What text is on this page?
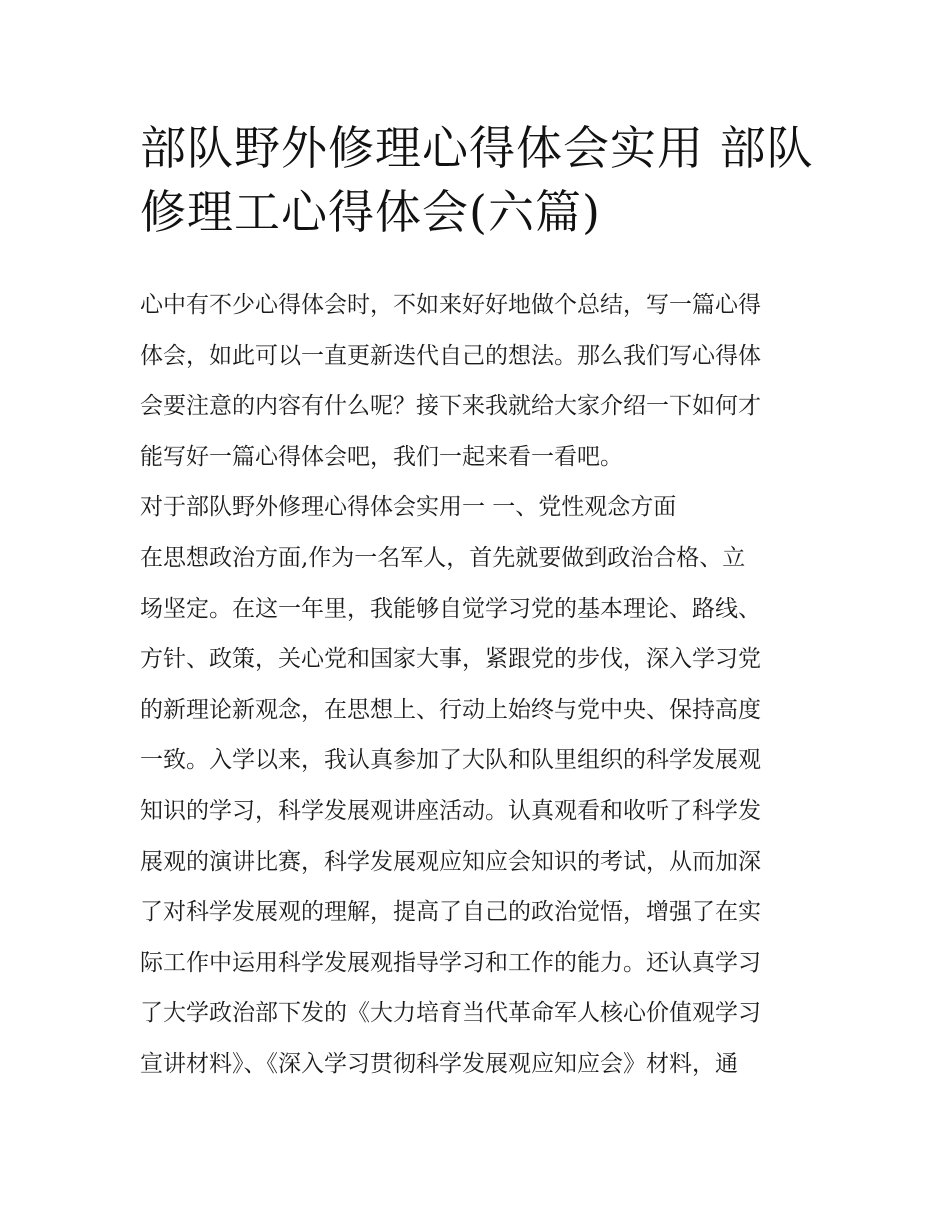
部队野外修理心得体会实用 部队修理工心得体会(六篇)
心中有不少心得体会时，不如来好好地做个总结，写一篇心得
体会，如此可以一直更新迭代自己的想法。那么我们写心得体
会要注意的内容有什么呢？接下来我就给大家介绍一下如何才
能写好一篇心得体会吧，我们一起来看一看吧。
对于部队野外修理心得体会实用一 一、党性观念方面
在思想政治方面,作为一名军人，首先就要做到政治合格、立
场坚定。在这一年里，我能够自觉学习党的基本理论、路线、
方针、政策，关心党和国家大事，紧跟党的步伐，深入学习党
的新理论新观念，在思想上、行动上始终与党中央、保持高度
一致。入学以来，我认真参加了大队和队里组织的科学发展观
知识的学习，科学发展观讲座活动。认真观看和收听了科学发
展观的演讲比赛，科学发展观应知应会知识的考试，从而加深
了对科学发展观的理解，提高了自己的政治觉悟，增强了在实
际工作中运用科学发展观指导学习和工作的能力。还认真学习
了大学政治部下发的《大力培育当代革命军人核心价值观学习
宣讲材料》、《深入学习贯彻科学发展观应知应会》材料，通
